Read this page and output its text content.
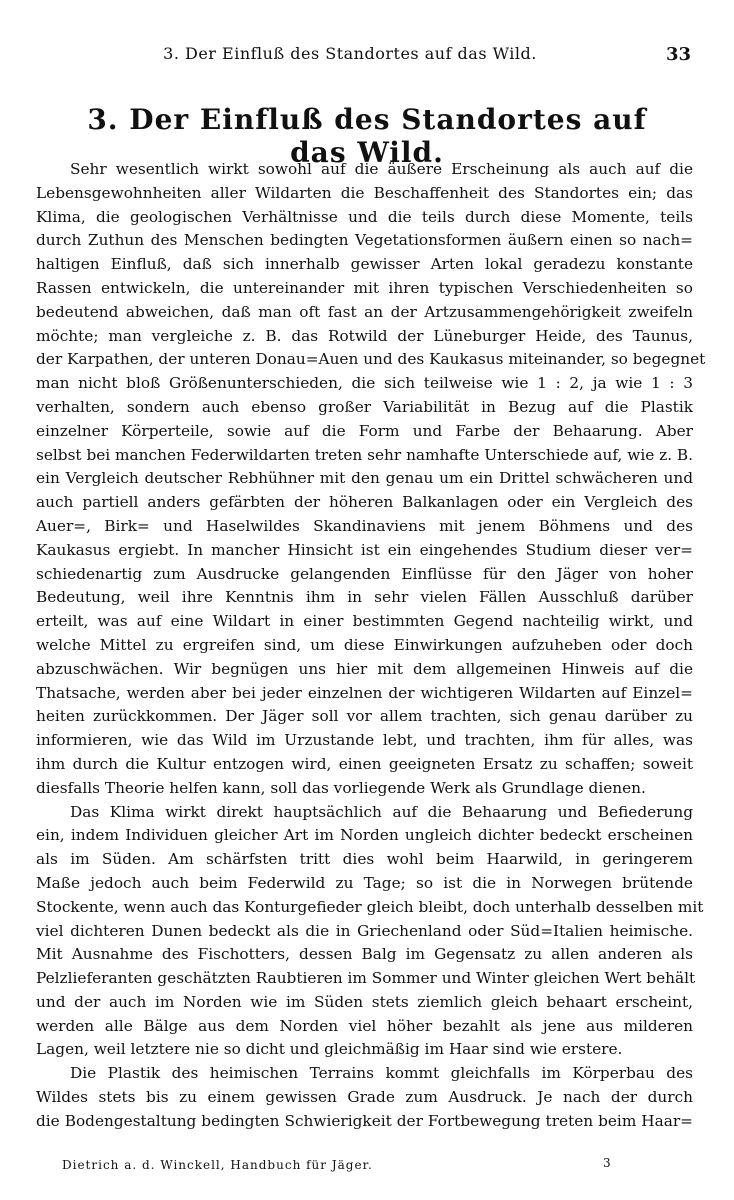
3. Der Einfluß des Standortes auf das Wild.	33
3. Der Einfluß des Standortes auf das Wild.

Sehr wesentlich wirkt sowohl auf die äußere Erscheinung als auch auf die
Lebensgewohnheiten aller Wildarten die Beschaffenheit des Standortes ein; das
Klima, die geologischen Verhältnisse und die teils durch diese Momente, teils
durch Zuthun des Menschen bedingten Vegetationsformen äußern einen so nach=
haltigen Einfluß, daß sich innerhalb gewisser Arten lokal geradezu konstante
Rassen entwickeln, die untereinander mit ihren typischen Verschiedenheiten so
bedeutend abweichen, daß man oft fast an der Artzusammengehörigkeit zweifeln
möchte; man vergleiche z. B. das Rotwild der Lüneburger Heide, des Taunus,
der Karpathen, der unteren Donau=Auen und des Kaukasus miteinander, so begegnet
man nicht bloß Größenunterschieden, die sich teilweise wie 1 : 2, ja wie 1 : 3
verhalten, sondern auch ebenso großer Variabilität in Bezug auf die Plastik
einzelner Körperteile, sowie auf die Form und Farbe der Behaarung. Aber
selbst bei manchen Federwildarten treten sehr namhafte Unterschiede auf, wie z. B.
ein Vergleich deutscher Rebhühner mit den genau um ein Drittel schwächeren und
auch partiell anders gefärbten der höheren Balkanlagen oder ein Vergleich des
Auer=, Birk= und Haselwildes Skandinaviens mit jenem Böhmens und des
Kaukasus ergiebt. In mancher Hinsicht ist ein eingehendes Studium dieser ver=
schiedenartig zum Ausdrucke gelangenden Einflüsse für den Jäger von hoher
Bedeutung, weil ihre Kenntnis ihm in sehr vielen Fällen Ausschluß darüber
erteilt, was auf eine Wildart in einer bestimmten Gegend nachteilig wirkt, und
welche Mittel zu ergreifen sind, um diese Einwirkungen aufzuheben oder doch
abzuschwächen. Wir begnügen uns hier mit dem allgemeinen Hinweis auf die
Thatsache, werden aber bei jeder einzelnen der wichtigeren Wildarten auf Einzel=
heiten zurückkommen. Der Jäger soll vor allem trachten, sich genau darüber zu
informieren, wie das Wild im Urzustande lebt, und trachten, ihm für alles, was
ihm durch die Kultur entzogen wird, einen geeigneten Ersatz zu schaffen; soweit
diesfalls Theorie helfen kann, soll das vorliegende Werk als Grundlage dienen.

Das Klima wirkt direkt hauptsächlich auf die Behaarung und Befiederung
ein, indem Individuen gleicher Art im Norden ungleich dichter bedeckt erscheinen
als im Süden. Am schärfsten tritt dies wohl beim Haarwild, in geringerem
Maße jedoch auch beim Federwild zu Tage; so ist die in Norwegen brütende
Stockente, wenn auch das Konturgefieder gleich bleibt, doch unterhalb desselben mit
viel dichteren Dunen bedeckt als die in Griechenland oder Süd=Italien heimische.
Mit Ausnahme des Fischotters, dessen Balg im Gegensatz zu allen anderen als
Pelzlieferanten geschätzten Raubtieren im Sommer und Winter gleichen Wert behält
und der auch im Norden wie im Süden stets ziemlich gleich behaart erscheint,
werden alle Bälge aus dem Norden viel höher bezahlt als jene aus milderen
Lagen, weil letztere nie so dicht und gleichmäßig im Haar sind wie erstere.

Die Plastik des heimischen Terrains kommt gleichfalls im Körperbau des
Wildes stets bis zu einem gewissen Grade zum Ausdruck. Je nach der durch
die Bodengestaltung bedingten Schwierigkeit der Fortbewegung treten beim Haar=

Dietrich a. d. Winckell, Handbuch für Jäger.	3
